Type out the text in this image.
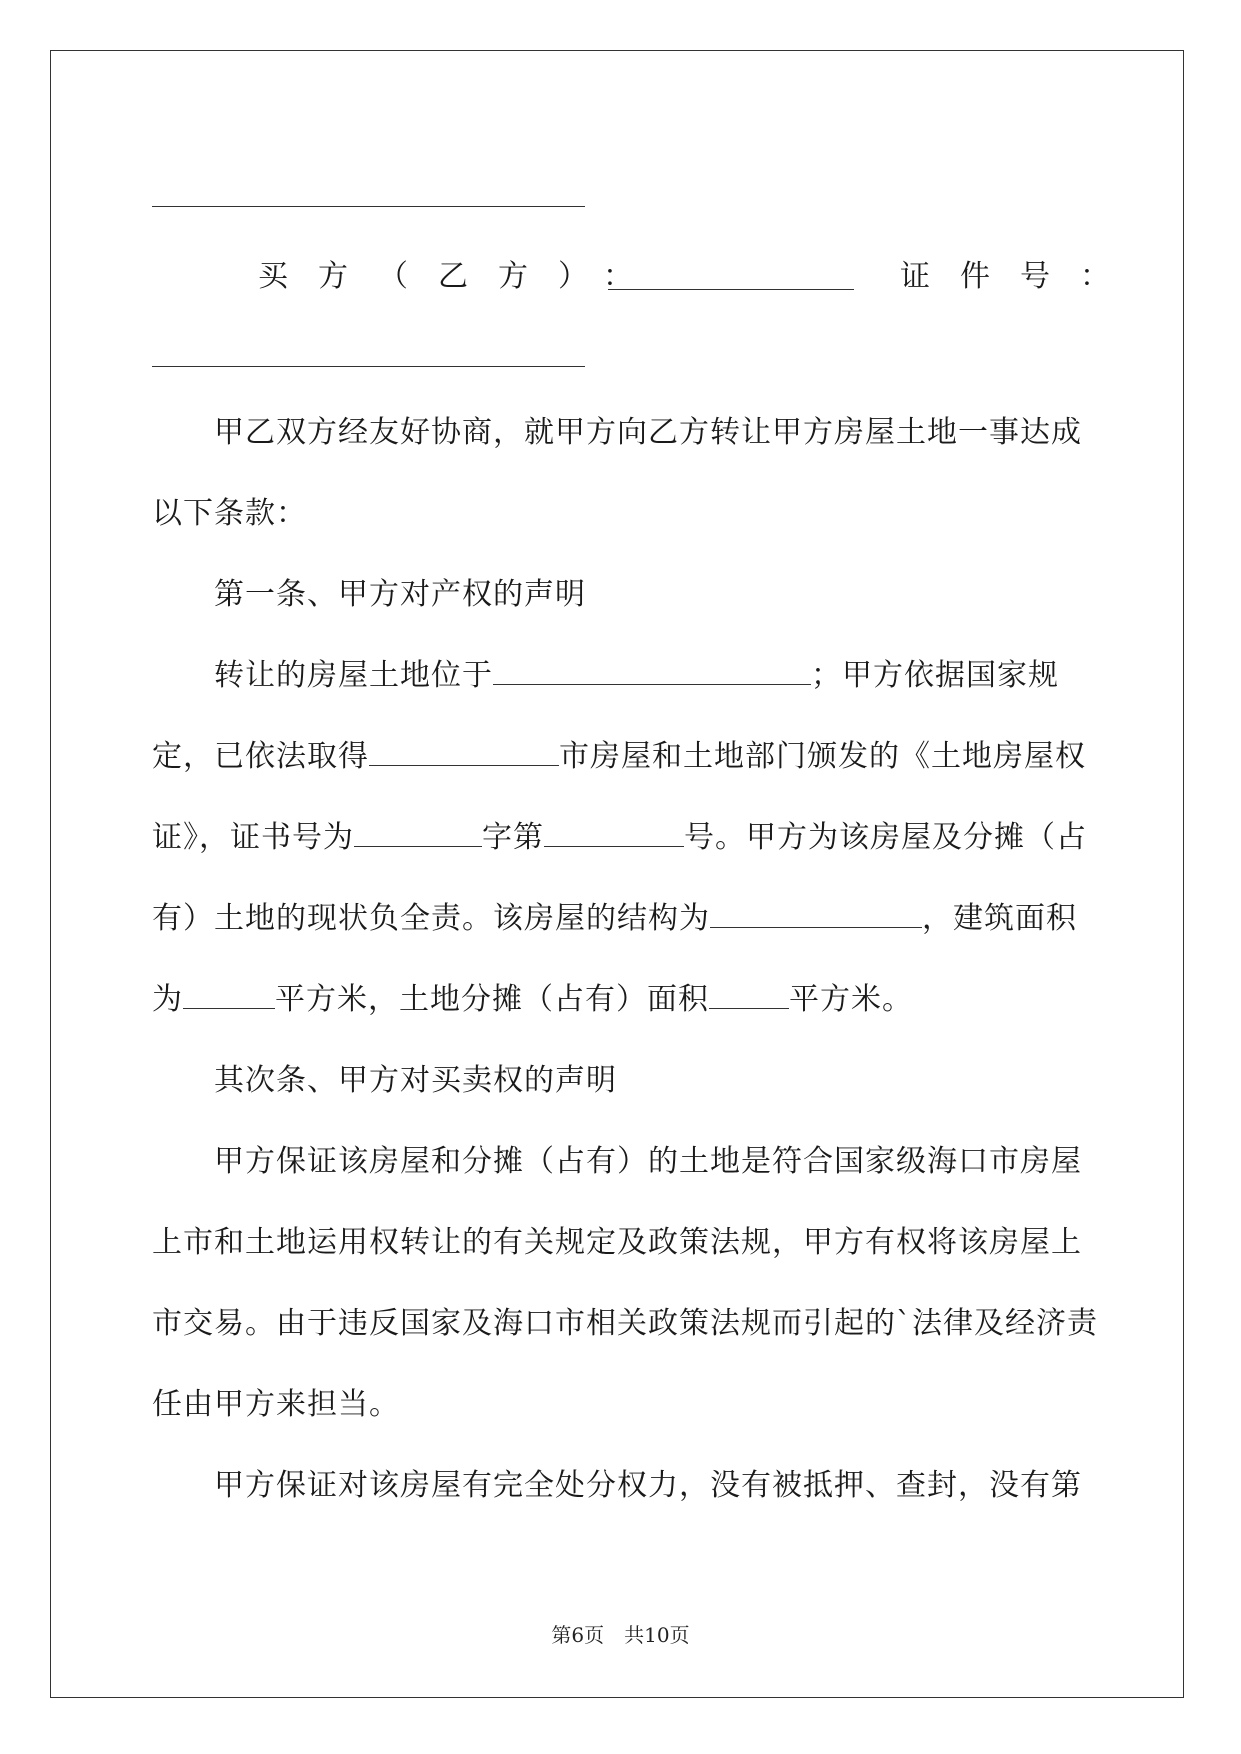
买方（乙方）：	证件号：
甲乙双方经友好协商，就甲方向乙方转让甲方房屋土地一事达成
以下条款：
第一条、甲方对产权的声明
转让的房屋土地位于	；甲方依据国家规
定，已依法取得	市房屋和土地部门颁发的《土地房屋权
证》，证书号为	字第	号。甲方为该房屋及分摊（占
有）土地的现状负全责。该房屋的结构为	，建筑面积
为	平方米，土地分摊（占有）面积	平方米。
其次条、甲方对买卖权的声明
甲方保证该房屋和分摊（占有）的土地是符合国家级海口市房屋
上市和土地运用权转让的有关规定及政策法规，甲方有权将该房屋上
市交易。由于违反国家及海口市相关政策法规而引起的`法律及经济责
任由甲方来担当。
甲方保证对该房屋有完全处分权力，没有被抵押、查封，没有第
第6页　共10页
